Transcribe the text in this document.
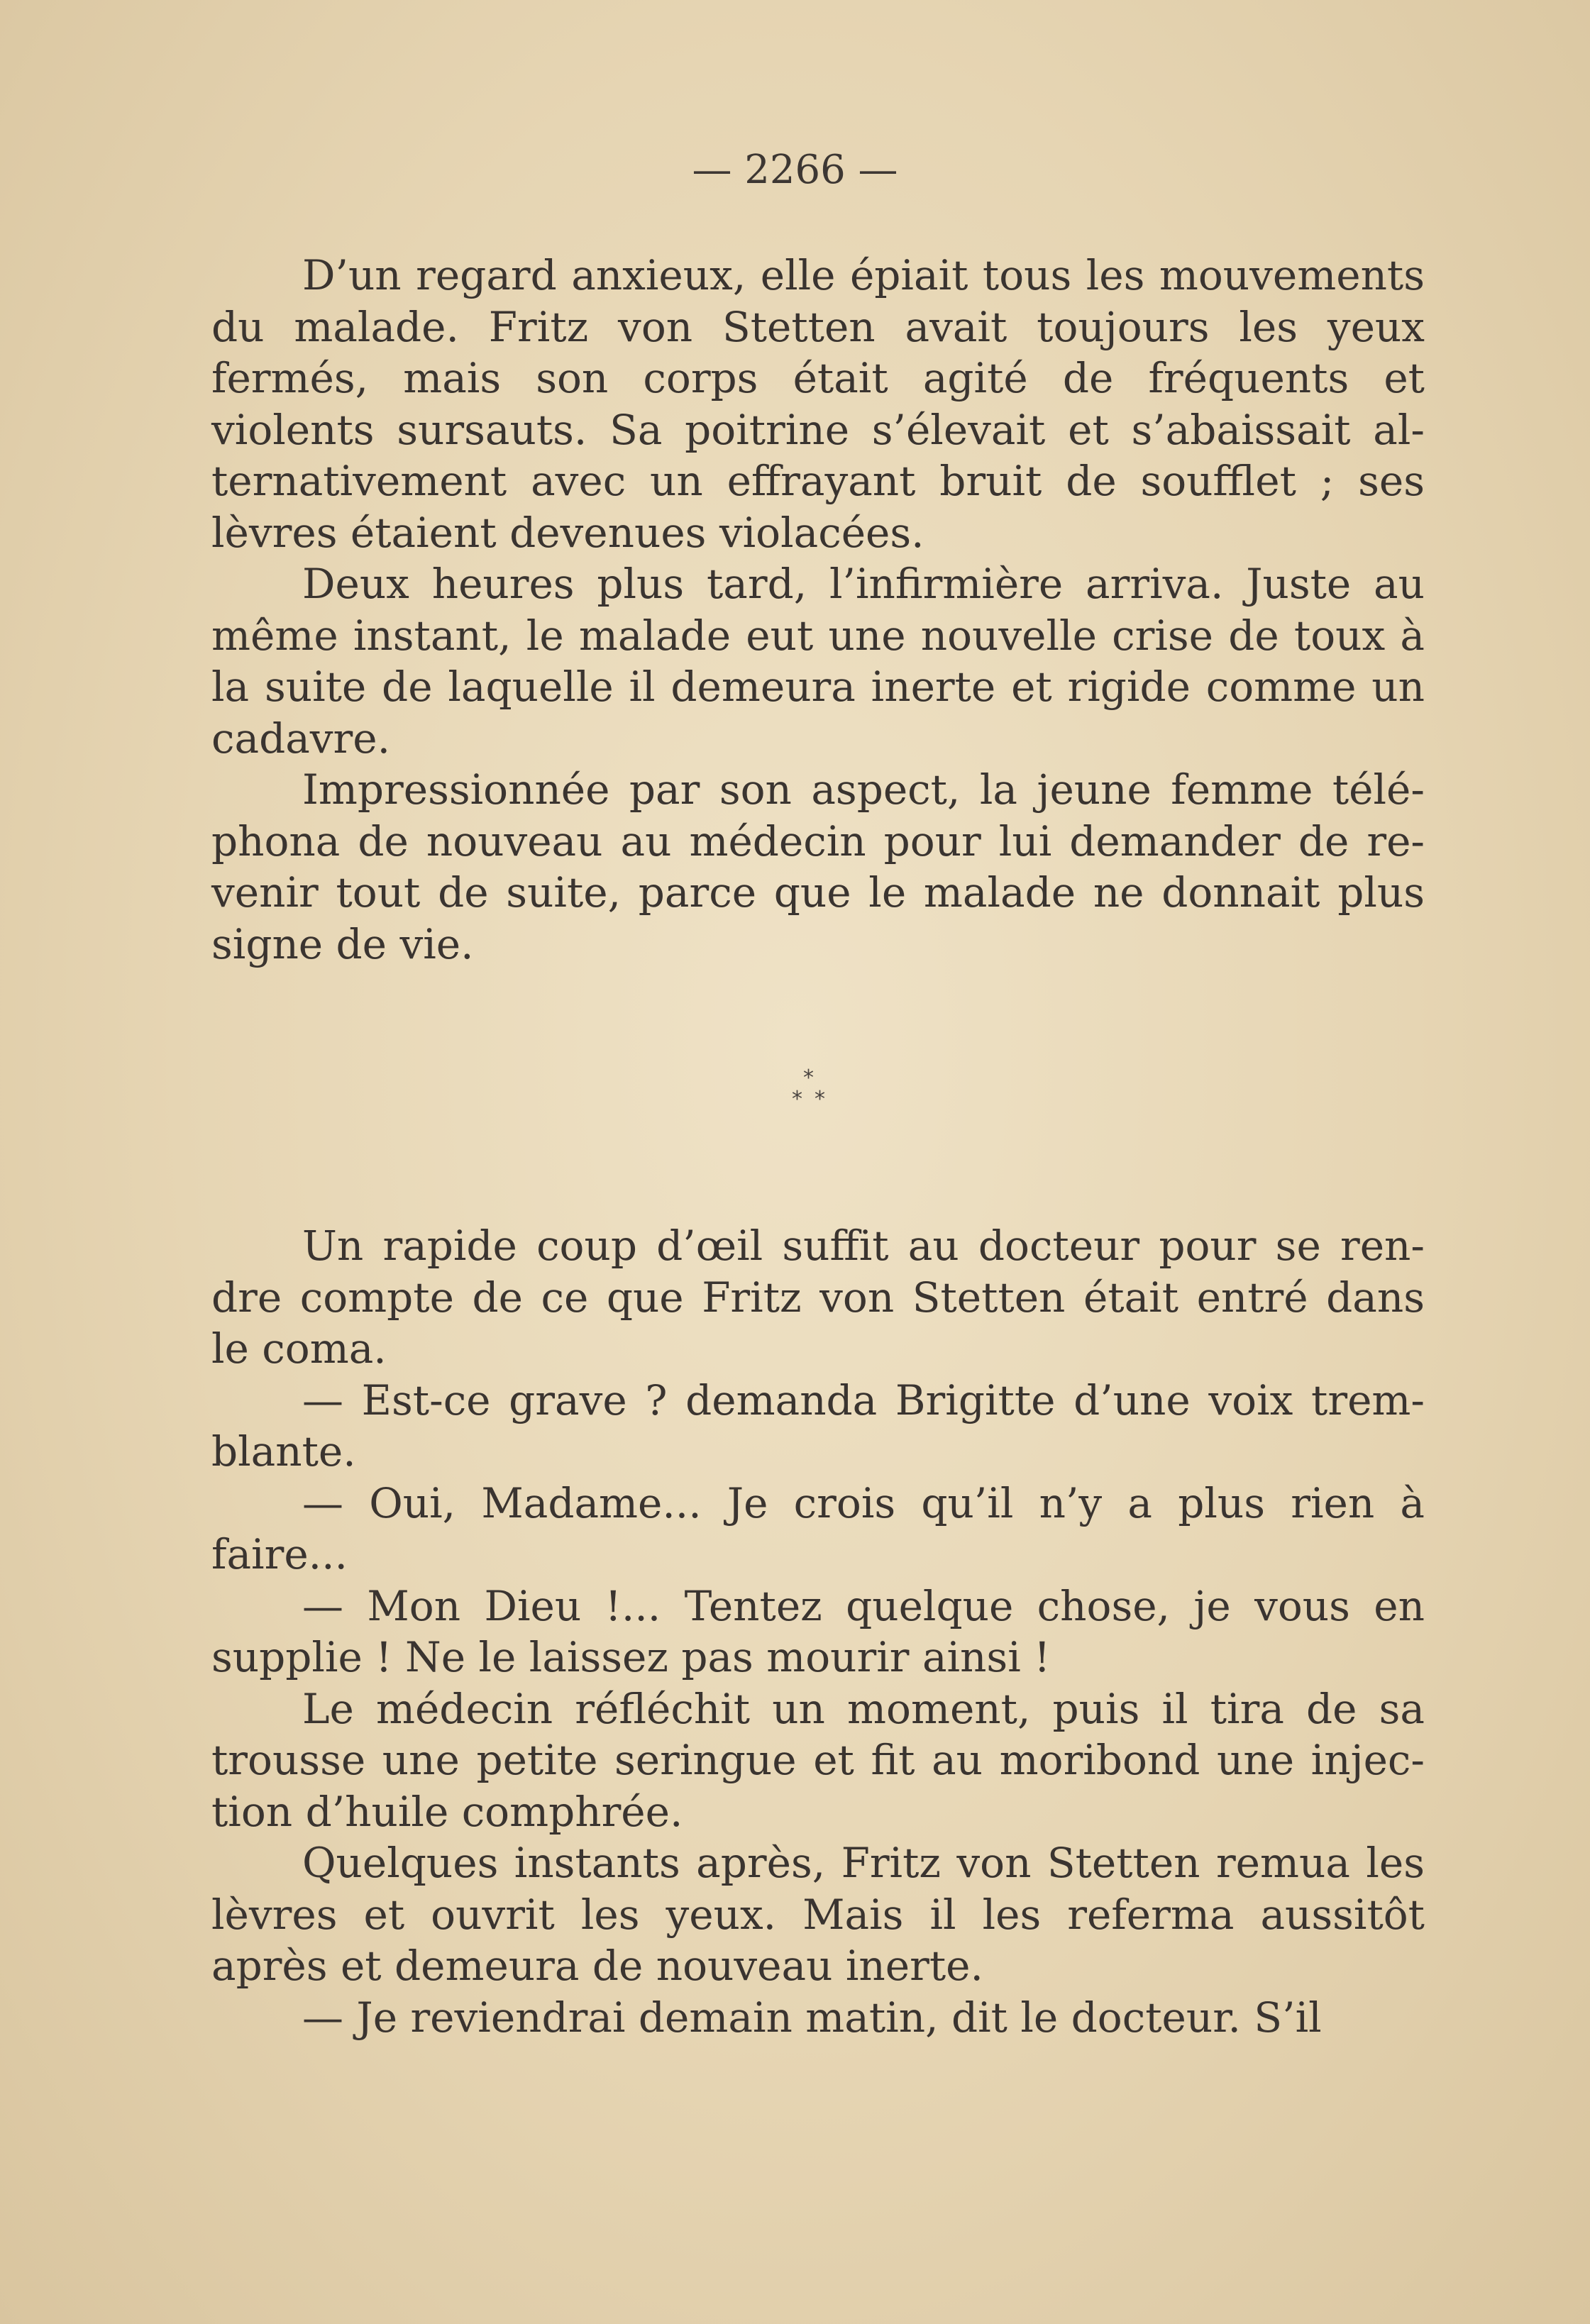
— 2266 —

D’un regard anxieux, elle épiait tous les mouvements du malade. Fritz von Stetten avait toujours les yeux fermés, mais son corps était agité de fréquents et violents sursauts. Sa poitrine s’élevait et s’abaissait alternativement avec un effrayant bruit de soufflet ; ses lèvres étaient devenues violacées.

Deux heures plus tard, l’infirmière arriva. Juste au même instant, le malade eut une nouvelle crise de toux à la suite de laquelle il demeura inerte et rigide comme un cadavre.

Impressionnée par son aspect, la jeune femme téléphona de nouveau au médecin pour lui demander de revenir tout de suite, parce que le malade ne donnait plus signe de vie.

*
* *

Un rapide coup d’œil suffit au docteur pour se rendre compte de ce que Fritz von Stetten était entré dans le coma.

— Est-ce grave ? demanda Brigitte d’une voix tremblante.

— Oui, Madame... Je crois qu’il n’y a plus rien à faire...

— Mon Dieu !... Tentez quelque chose, je vous en supplie ! Ne le laissez pas mourir ainsi !

Le médecin réfléchit un moment, puis il tira de sa trousse une petite seringue et fit au moribond une injection d’huile comphrée.

Quelques instants après, Fritz von Stetten remua les lèvres et ouvrit les yeux. Mais il les referma aussitôt après et demeura de nouveau inerte.

— Je reviendrai demain matin, dit le docteur. S’il
